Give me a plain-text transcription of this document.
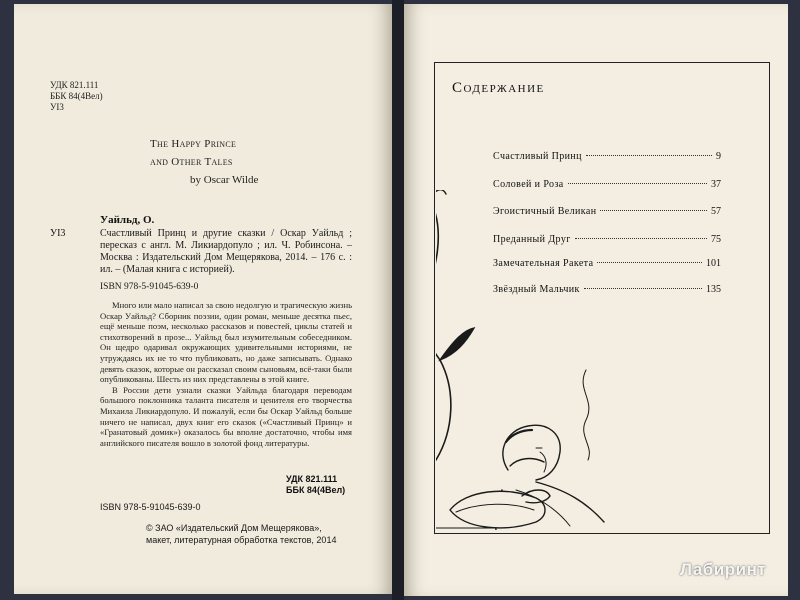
УДК 821.111
ББК 84(4Вел)
УI3
The Happy Prince
and Other Tales
by Oscar Wilde
Уайльд, О.
УI3	Счастливый Принц и другие сказки / Оскар Уайльд ; пересказ с англ. М. Ликиардопуло ; ил. Ч. Робинсона. – Москва : Издательский Дом Мещерякова, 2014. – 176 с. : ил. – (Малая книга с историей).
ISBN 978-5-91045-639-0

Много или мало написал за свою недолгую и трагическую жизнь Оскар Уайльд? Сборник поэзии, один роман, меньше десятка пьес, ещё меньше поэм, несколько рассказов и повестей, циклы статей и стихотворений в прозе... Уайльд был изумительным собеседником. Он щедро одаривал окружающих удивительными историями, не утруждаясь их не то что публиковать, но даже записывать. Однако девять сказок, которые он рассказал своим сыновьям, всё-таки были опубликованы. Шесть из них представлены в этой книге.

В России дети узнали сказки Уайльда благодаря переводам большого поклонника таланта писателя и ценителя его творчества Михаила Ликиардопуло. И пожалуй, если бы Оскар Уайльд больше ничего не написал, двух книг его сказок («Счастливый Принц» и «Гранатовый домик») оказалось бы вполне достаточно, чтобы имя английского писателя вошло в золотой фонд литературы.

УДК 821.111
ББК 84(4Вел)
ISBN 978-5-91045-639-0
© ЗАО «Издательский Дом Мещерякова»,
макет, литературная обработка текстов, 2014
Содержание
Счастливый Принц	9
Соловей и Роза	37
Эгоистичный Великан	57
Преданный Друг	75
Замечательная Ракета	101
Звёздный Мальчик	135
Лабиринт
